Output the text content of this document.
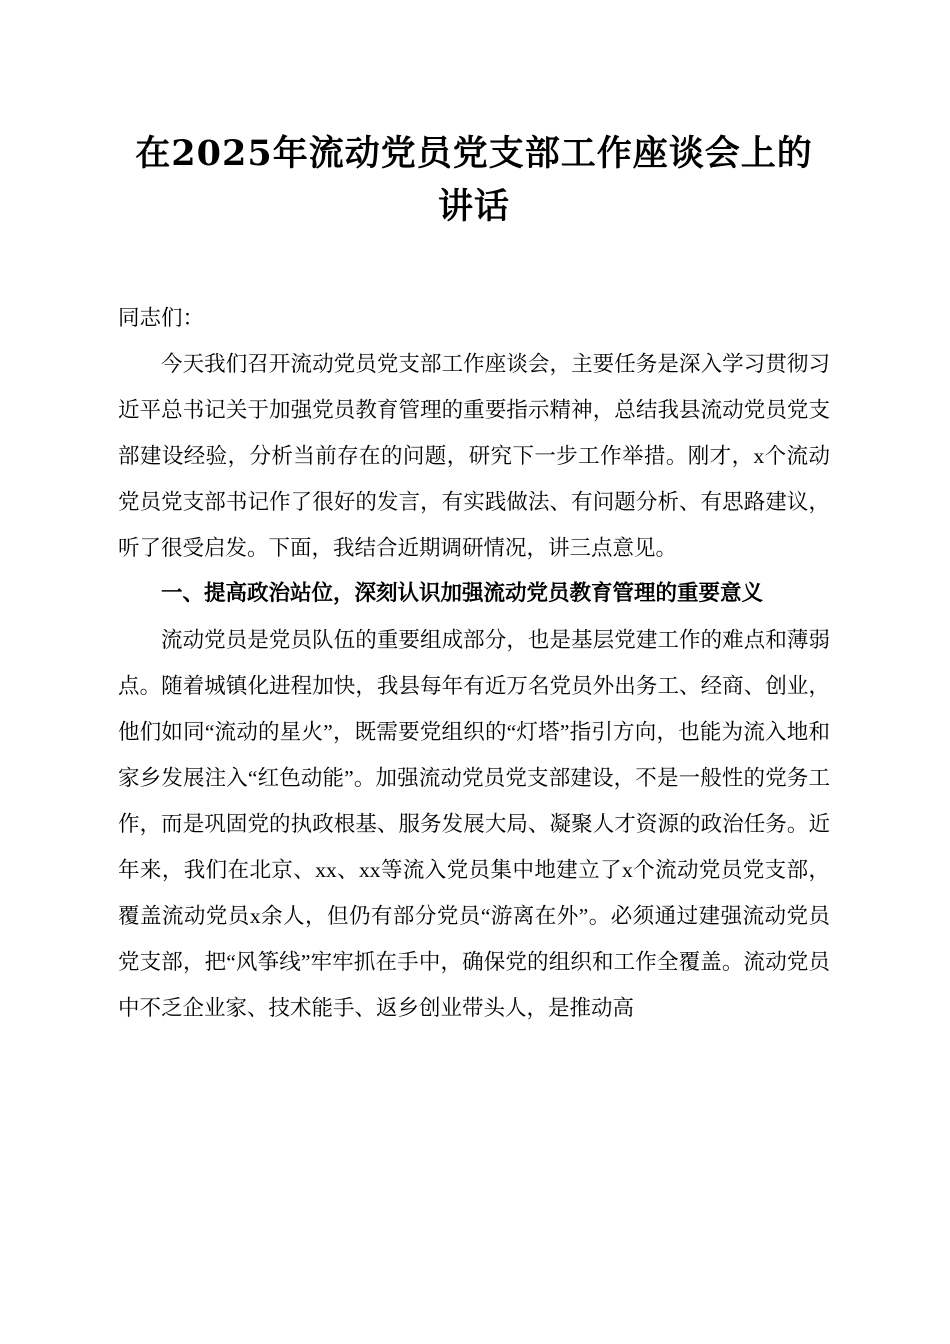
在2025年流动党员党支部工作座谈会上的讲话

同志们：

今天我们召开流动党员党支部工作座谈会，主要任务是深入学习贯彻习近平总书记关于加强党员教育管理的重要指示精神，总结我县流动党员党支部建设经验，分析当前存在的问题，研究下一步工作举措。刚才，x个流动党员党支部书记作了很好的发言，有实践做法、有问题分析、有思路建议，听了很受启发。下面，我结合近期调研情况，讲三点意见。

一、提高政治站位，深刻认识加强流动党员教育管理的重要意义

流动党员是党员队伍的重要组成部分，也是基层党建工作的难点和薄弱点。随着城镇化进程加快，我县每年有近万名党员外出务工、经商、创业，他们如同“流动的星火”，既需要党组织的“灯塔”指引方向，也能为流入地和家乡发展注入“红色动能”。加强流动党员党支部建设，不是一般性的党务工作，而是巩固党的执政根基、服务发展大局、凝聚人才资源的政治任务。近年来，我们在北京、xx、xx等流入党员集中地建立了x个流动党员党支部，覆盖流动党员x余人，但仍有部分党员“游离在外”。必须通过建强流动党员党支部，把“风筝线”牢牢抓在手中，确保党的组织和工作全覆盖。流动党员中不乏企业家、技术能手、返乡创业带头人，是推动高
